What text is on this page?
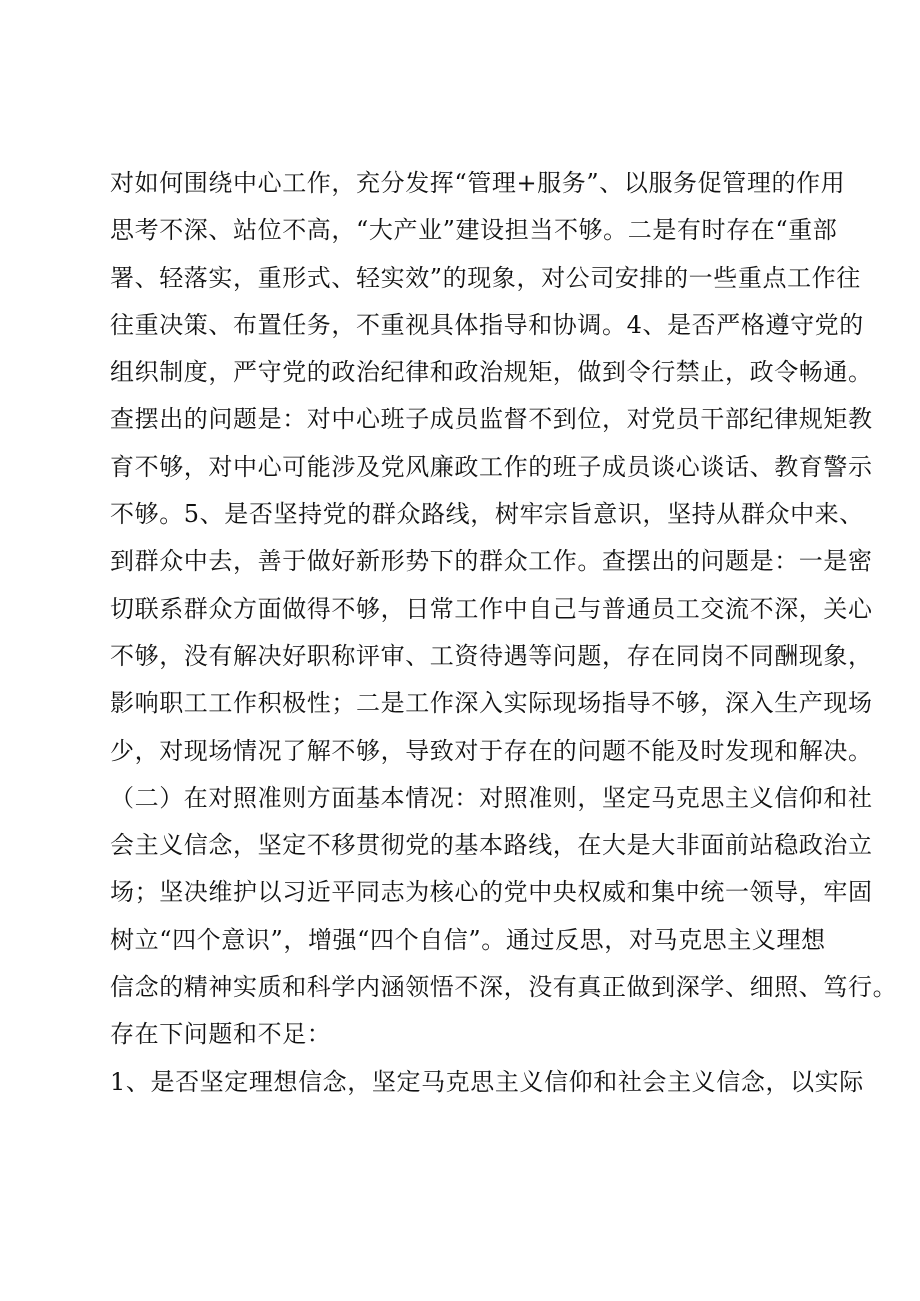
对如何围绕中心工作，充分发挥“管理+服务”、以服务促管理的作用
思考不深、站位不高，“大产业”建设担当不够。二是有时存在“重部
署、轻落实，重形式、轻实效”的现象，对公司安排的一些重点工作往
往重决策、布置任务，不重视具体指导和协调。4、是否严格遵守党的
组织制度，严守党的政治纪律和政治规矩，做到令行禁止，政令畅通。
查摆出的问题是：对中心班子成员监督不到位，对党员干部纪律规矩教
育不够，对中心可能涉及党风廉政工作的班子成员谈心谈话、教育警示
不够。5、是否坚持党的群众路线，树牢宗旨意识，坚持从群众中来、
到群众中去，善于做好新形势下的群众工作。查摆出的问题是：一是密
切联系群众方面做得不够，日常工作中自己与普通员工交流不深，关心
不够，没有解决好职称评审、工资待遇等问题，存在同岗不同酬现象，
影响职工工作积极性；二是工作深入实际现场指导不够，深入生产现场
少，对现场情况了解不够，导致对于存在的问题不能及时发现和解决。
（二）在对照准则方面基本情况：对照准则，坚定马克思主义信仰和社
会主义信念，坚定不移贯彻党的基本路线，在大是大非面前站稳政治立
场；坚决维护以习近平同志为核心的党中央权威和集中统一领导，牢固
树立“四个意识”，增强“四个自信”。通过反思，对马克思主义理想
信念的精神实质和科学内涵领悟不深，没有真正做到深学、细照、笃行。
存在下问题和不足：
1、是否坚定理想信念，坚定马克思主义信仰和社会主义信念，以实际
